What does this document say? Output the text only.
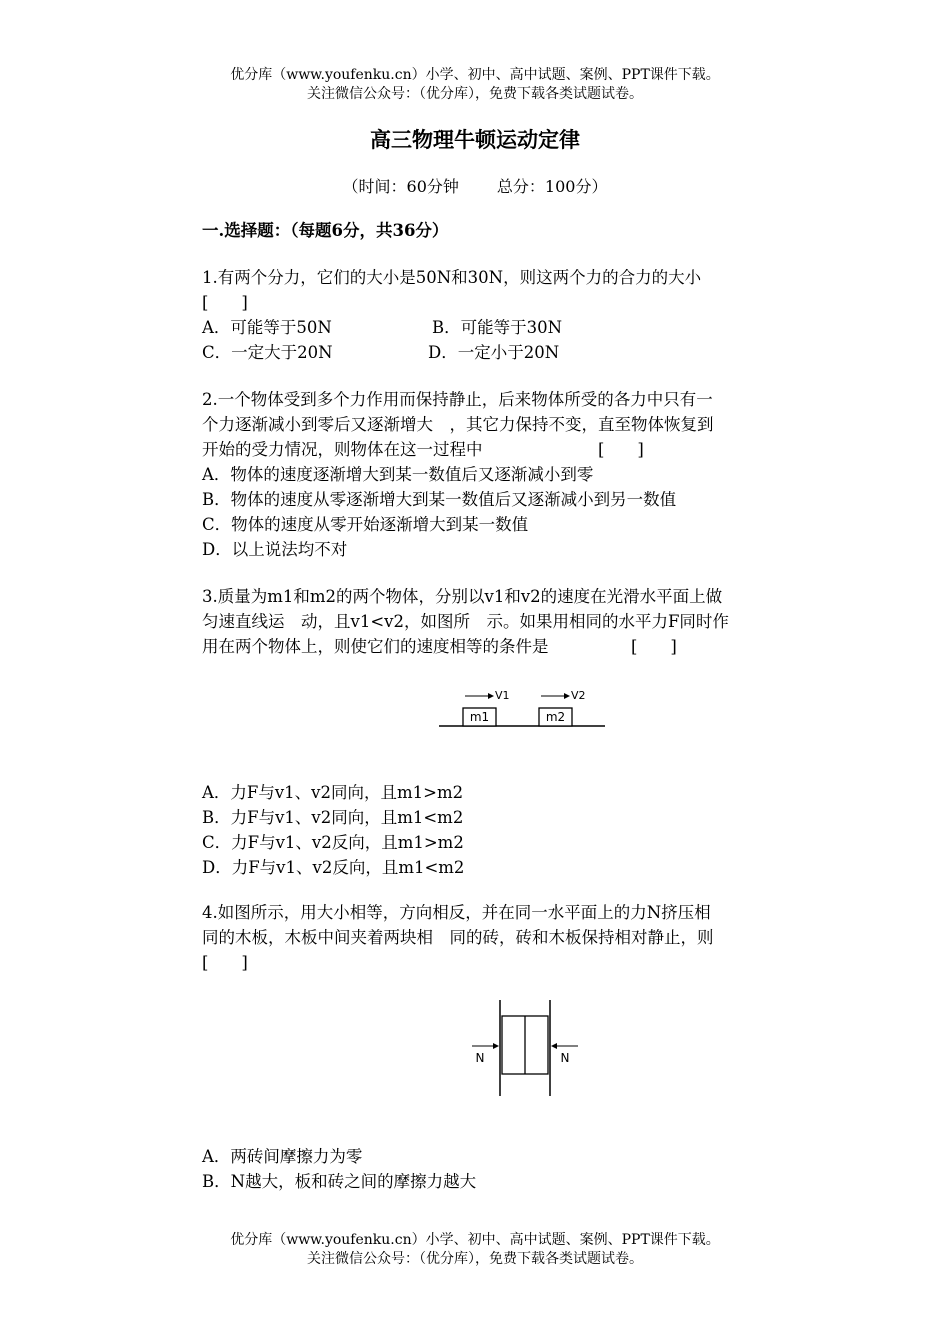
优分库（www.youfenku.cn）小学、初中、高中试题、案例、PPT课件下载。
关注微信公众号：（优分库），免费下载各类试题试卷。
高三物理牛顿运动定律
（时间：60分钟 总分：100分）
一.选择题：（每题6分，共36分）
1.有两个分力，它们的大小是50N和30N，则这两个力的合力的大小
[　　]
A．可能等于50N	B．可能等于30N
C．一定大于20N	D．一定小于20N
2.一个物体受到多个力作用而保持静止，后来物体所受的各力中只有一
个力逐渐减小到零后又逐渐增大　，其它力保持不变，直至物体恢复到
开始的受力情况，则物体在这一过程中　　　　　　　[　　]
A．物体的速度逐渐增大到某一数值后又逐渐减小到零
B．物体的速度从零逐渐增大到某一数值后又逐渐减小到另一数值
C．物体的速度从零开始逐渐增大到某一数值
D．以上说法均不对
3.质量为m1和m2的两个物体，分别以v1和v2的速度在光滑水平面上做
匀速直线运　动，且v1<v2，如图所　示。如果用相同的水平力F同时作
用在两个物体上，则使它们的速度相等的条件是　　　　　[　　]
m1	m2
V1	V2
A．力F与v1、v2同向，且m1>m2
B．力F与v1、v2同向，且m1<m2
C．力F与v1、v2反向，且m1>m2
D．力F与v1、v2反向，且m1<m2
4.如图所示，用大小相等，方向相反，并在同一水平面上的力N挤压相
同的木板，木板中间夹着两块相　同的砖，砖和木板保持相对静止，则
[　　]
N	N
A．两砖间摩擦力为零
B．N越大，板和砖之间的摩擦力越大
优分库（www.youfenku.cn）小学、初中、高中试题、案例、PPT课件下载。
关注微信公众号：（优分库），免费下载各类试题试卷。
